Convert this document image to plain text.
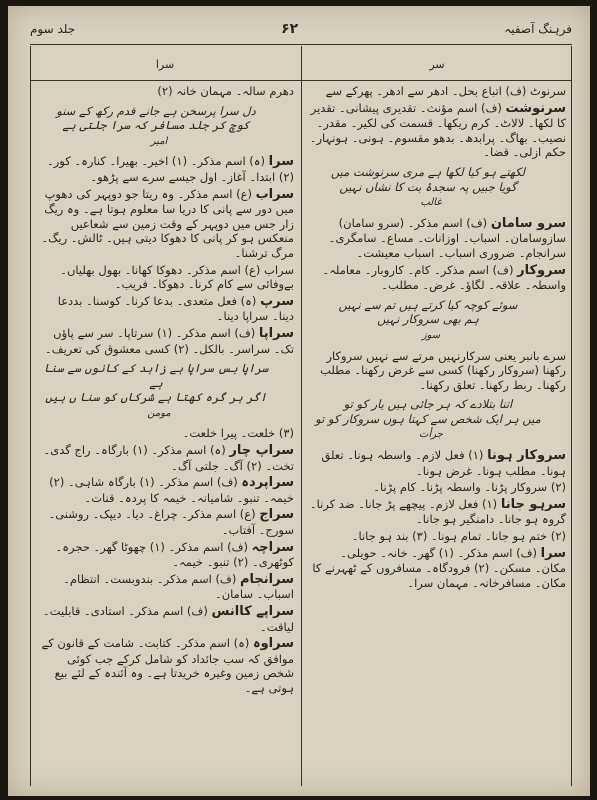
فرہنگ آصفیہ
۶۲
جلد سوم
سر
سرا

سرنوٹ (ف) اتباع بحل۔ ادھر سے ادھر۔ پھرکے سے

سرنوشت (ف) اسم مؤنث۔ تقدیری پیشانی۔ تقدیر کا لکھا۔ لالاٹ۔ کرم ریکھا۔ قسمت کی لکیر۔ مقدر۔ نصیب۔ بھاگ۔ پرابدھ۔ بدھو مقسوم۔ ہونی۔ ہونہار۔ حکم ازلی۔ قضا۔

لکھتے ہو کیا لکھا ہے مری سرنوشت میں
گویا جبیں پہ سجدۂ بت کا نشاں نہیں
غالب

سرو سامان (ف) اسم مذکر۔ (سرو سامان) سازوسامان۔ اسباب۔ اوزانات۔ مساع۔ سامگری۔ سرانجام۔ ضروری اسباب۔ اسباب معیشت۔

سروکار (ف) اسم مذکر۔ کام۔ کاروبار۔ معاملہ۔ واسطہ۔ علاقہ۔ لگاؤ۔ غرض۔ مطلب۔

سوئے کوچہ کیا کرتے ہیں تم سے نہیں
ہم بھی سروکار نہیں
سوز

سرے بانبر یعنی سرکارنہیں مرتے سے نہیں سروکار رکھنا (سروکار رکھنا) کسی سے غرض رکھنا۔ مطلب رکھنا۔ ربط رکھنا۔ تعلق رکھنا۔

اتنا بتلادے کہ ہر جائی ہیں یار کو تو
میں ہر ایک شخص سے کہتا ہوں سروکار کو تو
جرأت

سروکار ہونا (۱) فعل لازم۔ واسطہ ہونا۔ تعلق ہونا۔ مطلب ہونا۔ غرض ہونا۔

(۲) سروکار پڑنا۔ واسطہ پڑنا۔ کام پڑنا۔

سرہو جانا (۱) فعل لازم۔ پیچھے پڑ جانا۔ ضد کرنا۔ گروہ ہو جانا۔ دامنگیر ہو جانا۔

(۲) ختم ہو جانا۔ تمام ہونا۔ (۳) بند ہو جانا۔

سرا (ف) اسم مذکر۔ (۱) گھر۔ خانہ۔ حویلی۔ مکان۔ مسکن۔ (۲) فرودگاہ۔ مسافروں کے ٹھہرنے کا مکان۔ مسافرخانہ۔ مہمان سرا۔

دھرم سالہ۔ مہمان خانہ (۲)

دل سرا پرسخن ہے جانے قدم رکھ کے سنو
کوچ کر جلد مسافر کہ سرا جلتی ہے
امیر

سرا (ہ) اسم مذکر۔ (۱) اخیر۔ بھیرا۔ کنارہ۔ کور۔ (۲) ابتدا۔ آغاز۔ اول جیسے سرے سے پڑھو۔

سراب (ع) اسم مذکر۔ وہ ریتا جو دوپہر کی دھوپ میں دور سے پانی کا دریا سا معلوم ہوتا ہے۔ وہ ریگ زار جس میں دوپہر کے وقت زمین سے شعاعیں منعکس ہو کر پانی کا دھوکا دیتی ہیں۔ ٹالش۔ ریگ۔ مرگ ترشنا۔

سراب (ع) اسم مذکر۔ دھوکا کھانا۔ بھول بھلیاں۔ بےوفائی سے کام کرنا۔ دھوکا۔ فریب۔

سرپ (ہ) فعل متعدی۔ بدعا کرنا۔ کوسنا۔ بددعا دینا۔ سراپا دینا۔

سراپا (ف) اسم مذکر۔ (۱) سرتاپا۔ سر سے پاؤں تک۔ سراسر۔ بالکل۔ (۲) کسی معشوق کی تعریف۔

سراپا بس سراپا ہے زاہد کے کانوں سے سنا ہے
اگر ہر گرہ کھتا ہے شرکاں کو سنا ں ہیں
مومن

(۳) خلعت۔ پیرا خلعت۔

سراپ چار (ہ) اسم مذکر۔ (۱) بارگاہ۔ راج گدی۔ تخت۔ (۲) آگ۔ جلتی آگ۔

سراپردہ (ف) اسم مذکر۔ (۱) بارگاہ شاہی۔ (۲) خیمہ۔ تنبو۔ شامیانہ۔ خیمہ کا پردہ۔ قنات۔

سراج (ع) اسم مذکر۔ چراغ۔ دیا۔ دیپک۔ روشنی۔ سورج۔ آفتاب۔

سراچہ (ف) اسم مذکر۔ (۱) چھوٹا گھر۔ حجرہ۔ کوٹھری۔ (۲) تنبو۔ خیمہ۔

سرانجام (ف) اسم مذکر۔ بندوبست۔ انتظام۔ اسباب۔ سامان۔

سراپے کاانس (ف) اسم مذکر۔ استادی۔ قابلیت۔ لیاقت۔

سراوہ (ہ) اسم مذکر۔ کتابت۔ شامت کے قانون کے موافق کہ سب جائداد کو شامل کرکے جب کوئی شخص زمین وغیرہ خریدتا ہے۔ وہ آئندہ کے لئے بیع ہوتی ہے۔
